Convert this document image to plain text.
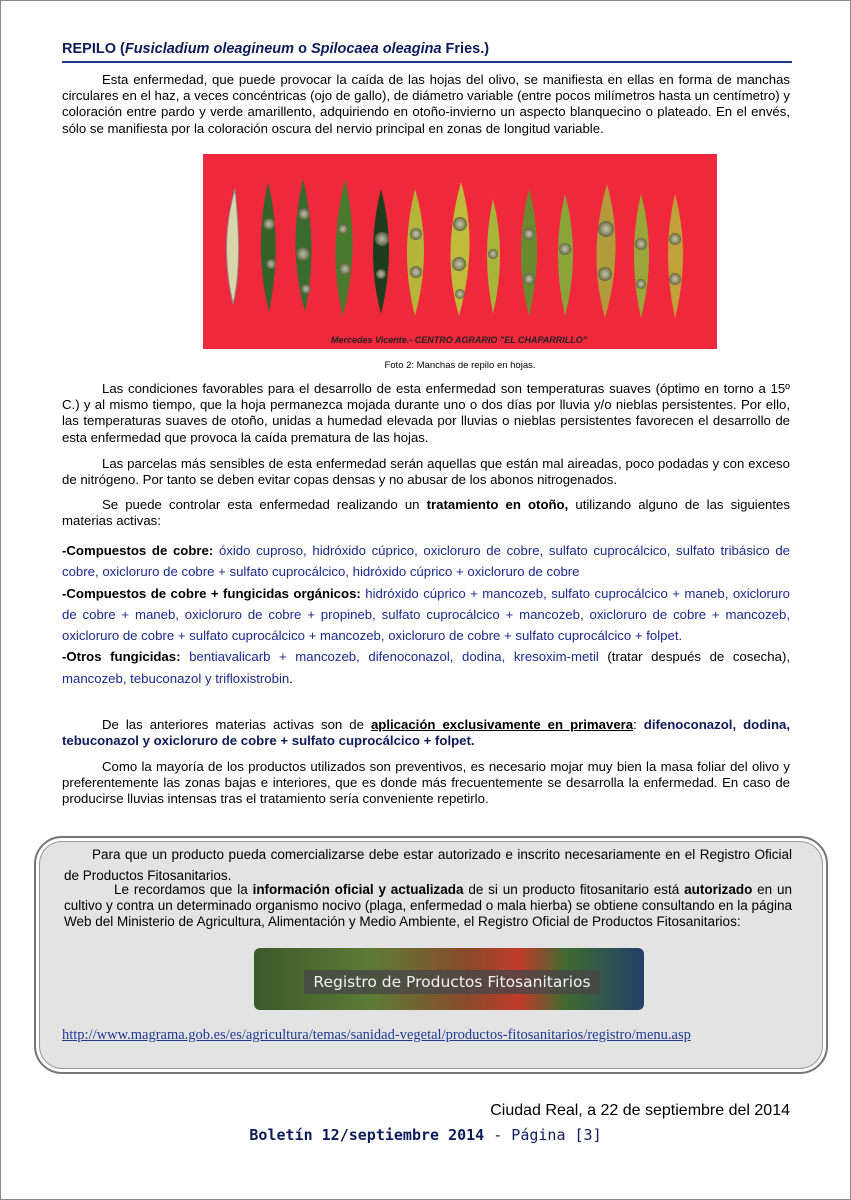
REPILO (Fusicladium oleagineum o Spilocaea oleagina Fries.)
Esta enfermedad, que puede provocar la caída de las hojas del olivo, se manifiesta en ellas en forma de manchas circulares en el haz, a veces concéntricas (ojo de gallo), de diámetro variable (entre pocos milímetros hasta un centímetro) y coloración entre pardo y verde amarillento, adquiriendo en otoño-invierno un aspecto blanquecino o plateado. En el envés, sólo se manifiesta por la coloración oscura del nervio principal en zonas de longitud variable.
Mercedes Vicente.- CENTRO AGRARIO "EL CHAPARRILLO"
Foto 2: Manchas de repilo en hojas.
Las condiciones favorables para el desarrollo de esta enfermedad son temperaturas suaves (óptimo en torno a 15º C.) y al mismo tiempo, que la hoja permanezca mojada durante uno o dos días por lluvia y/o nieblas persistentes. Por ello, las temperaturas suaves de otoño, unidas a humedad elevada por lluvias o nieblas persistentes favorecen el desarrollo de esta enfermedad que provoca la caída prematura de las hojas.
Las parcelas más sensibles de esta enfermedad serán aquellas que están mal aireadas, poco podadas y con exceso de nitrógeno. Por tanto se deben evitar copas densas y no abusar de los abonos nitrogenados.
Se puede controlar esta enfermedad realizando un tratamiento en otoño, utilizando alguno de las siguientes materias activas:
-Compuestos de cobre: óxido cuproso, hidróxido cúprico, oxicloruro de cobre, sulfato cuprocálcico, sulfato tribásico de cobre, oxicloruro de cobre + sulfato cuprocálcico, hidróxido cúprico + oxicloruro de cobre
-Compuestos de cobre + fungicidas orgánicos: hidróxido cúprico + mancozeb, sulfato cuprocálcico + maneb, oxicloruro de cobre + maneb, oxicloruro de cobre + propineb, sulfato cuprocálcico + mancozeb, oxicloruro de cobre + mancozeb, oxicloruro de cobre + sulfato cuprocálcico + mancozeb, oxicloruro de cobre + sulfato cuprocálcico + folpet.
-Otros fungicidas: bentiavalicarb + mancozeb, difenoconazol, dodina, kresoxim-metil (tratar después de cosecha), mancozeb, tebuconazol y trifloxistrobin.
De las anteriores materias activas son de aplicación exclusivamente en primavera: difenoconazol, dodina, tebuconazol y oxicloruro de cobre + sulfato cuprocálcico + folpet.
Como la mayoría de los productos utilizados son preventivos, es necesario mojar muy bien la masa foliar del olivo y preferentemente las zonas bajas e interiores, que es donde más frecuentemente se desarrolla la enfermedad. En caso de producirse lluvias intensas tras el tratamiento sería conveniente repetirlo.
Para que un producto pueda comercializarse debe estar autorizado e inscrito necesariamente en el Registro Oficial de Productos Fitosanitarios.
Le recordamos que la información oficial y actualizada de si un producto fitosanitario está autorizado en un cultivo y contra un determinado organismo nocivo (plaga, enfermedad o mala hierba) se obtiene consultando en la página Web del Ministerio de Agricultura, Alimentación y Medio Ambiente, el Registro Oficial de Productos Fitosanitarios:
Registro de Productos Fitosanitarios
http://www.magrama.gob.es/es/agricultura/temas/sanidad-vegetal/productos-fitosanitarios/registro/menu.asp
Ciudad Real, a 22 de septiembre del 2014
Boletín 12/septiembre 2014 - Página [3]
